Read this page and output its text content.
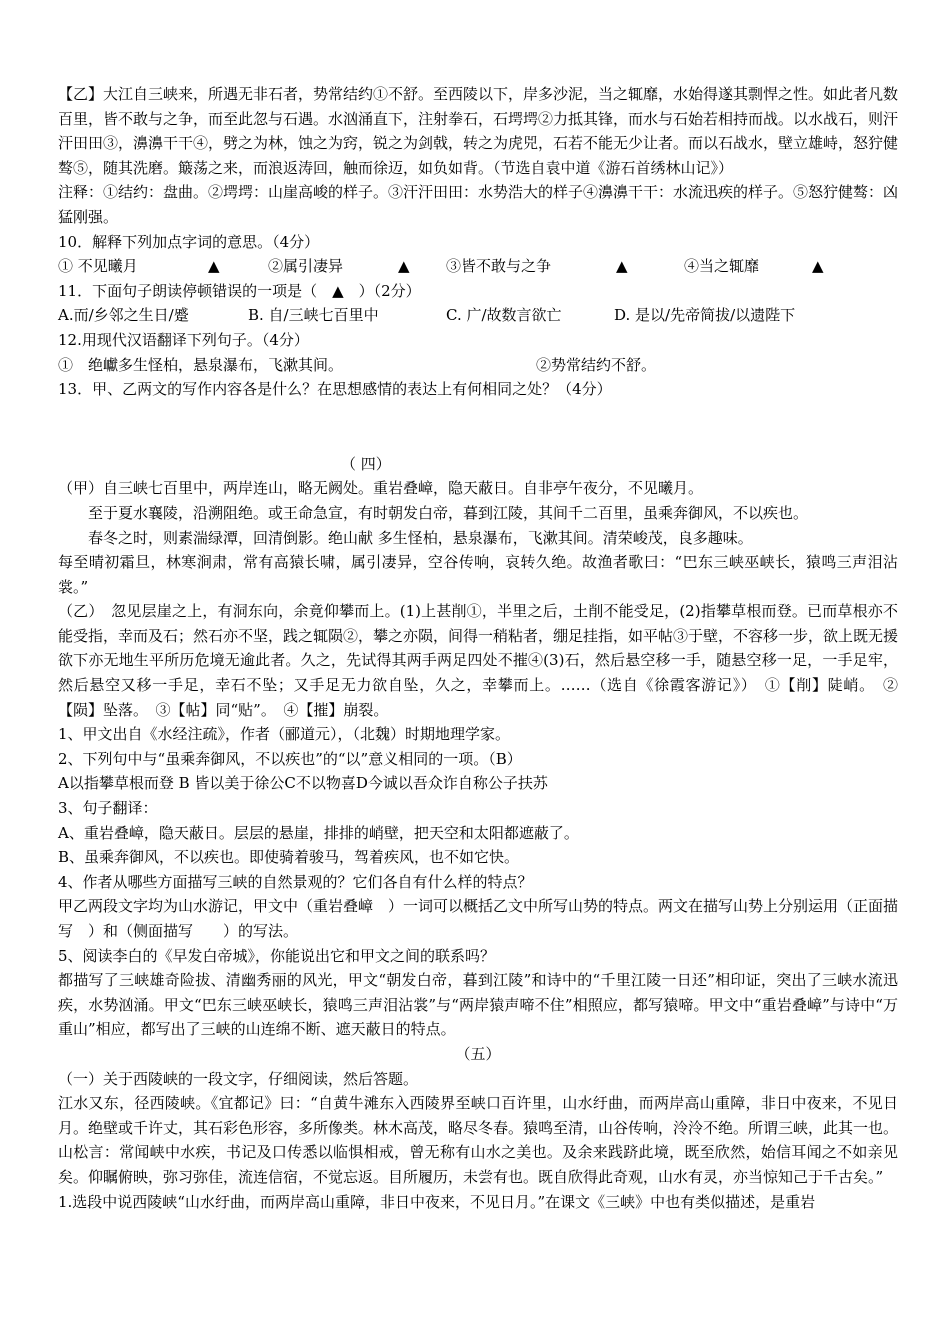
【乙】大江自三峡来，所遇无非石者，势常结约①不舒。至西陵以下，岸多沙泥，当之辄靡，水始得遂其剽悍之性。如此者凡数百里，皆不敢与之争，而至此忽与石遇。水汹涌直下，注射拳石，石堮堮②力抵其锋，而水与石始若相持而战。以水战石，则汗汗田田③，濞濞干干④，劈之为林，蚀之为窍，锐之为剑戟，转之为虎兕，石若不能无少让者。而以石战水，壁立雄峙，怒狞健骜⑤，随其洗磨。簸荡之来，而浪返涛回，触而徐迈，如负如背。（节选自袁中道《游石首绣林山记》）

注释：①结约：盘曲。②堮堮：山崖高峻的样子。③汗汗田田：水势浩大的样子④濞濞干干：水流迅疾的样子。⑤怒狞健骜：凶猛刚强。

10．解释下列加点字词的意思。（4分）

① 不见曦月	▲	②属引凄异	▲	③皆不敢与之争	▲	④当之辄靡	▲

11．下面句子朗读停顿错误的一项是（　▲　）（2分）

A.而/乡邻之生日/蹙	B. 自/三峡七百里中	C. 广/故数言欲亡	D. 是以/先帝简拔/以遗陛下

12.用现代汉语翻译下列句子。（4分）

①　绝巘多生怪柏，悬泉瀑布，飞漱其间。	②势常结约不舒。

13．甲、乙两文的写作内容各是什么？在思想感情的表达上有何相同之处？（4分）

（ 四）

（甲）自三峡七百里中，两岸连山，略无阙处。重岩叠嶂，隐天蔽日。自非亭午夜分，不见曦月。

至于夏水襄陵，沿溯阻绝。或王命急宣，有时朝发白帝，暮到江陵，其间千二百里，虽乘奔御风，不以疾也。

春冬之时，则素湍绿潭，回清倒影。绝山献 多生怪柏，悬泉瀑布，飞漱其间。清荣峻茂，良多趣味。

每至晴初霜旦，林寒涧肃，常有高猿长啸，属引凄异，空谷传响，哀转久绝。故渔者歌曰：“巴东三峡巫峡长，猿鸣三声泪沾裳。”

（乙）　忽见层崖之上，有洞东向，余竟仰攀而上。(1)上甚削①，半里之后，土削不能受足，(2)指攀草根而登。已而草根亦不能受指，幸而及石；然石亦不坚，践之辄陨②，攀之亦陨，间得一稍粘者，绷足挂指，如平帖③于壁，不容移一步，欲上既无援欲下亦无地生平所历危境无逾此者。久之，先试得其两手两足四处不摧④(3)石，然后悬空移一手，随悬空移一足，一手足牢，然后悬空又移一手足，幸石不坠；又手足无力欲自坠，久之，幸攀而上。……（选自《徐霞客游记》）　①【削】陡峭。　②【陨】坠落。　③【帖】同“贴”。　④【摧】崩裂。

1、甲文出自《水经注疏》，作者（郦道元），（北魏）时期地理学家。

2、下列句中与“虽乘奔御风，不以疾也”的“以”意义相同的一项。（B）

A以指攀草根而登 B 皆以美于徐公C不以物喜D今诚以吾众诈自称公子扶苏

3、句子翻译：

A、重岩叠嶂，隐天蔽日。层层的悬崖，排排的峭壁，把天空和太阳都遮蔽了。

B、虽乘奔御风，不以疾也。即使骑着骏马，驾着疾风，也不如它快。

4、作者从哪些方面描写三峡的自然景观的？它们各自有什么样的特点？

甲乙两段文字均为山水游记，甲文中（重岩叠嶂　）一词可以概括乙文中所写山势的特点。两文在描写山势上分别运用（正面描写　）和（侧面描写　　）的写法。

5、阅读李白的《早发白帝城》，你能说出它和甲文之间的联系吗？

都描写了三峡雄奇险拔、清幽秀丽的风光，甲文“朝发白帝，暮到江陵”和诗中的“千里江陵一日还”相印证，突出了三峡水流迅疾，水势汹涌。甲文“巴东三峡巫峡长，猿鸣三声泪沾裳”与“两岸猿声啼不住”相照应，都写猿啼。甲文中“重岩叠嶂”与诗中“万重山”相应，都写出了三峡的山连绵不断、遮天蔽日的特点。

（五）

（一）关于西陵峡的一段文字，仔细阅读，然后答题。

江水又东，径西陵峡。《宜都记》曰：“自黄牛滩东入西陵界至峡口百许里，山水纡曲，而两岸高山重障，非日中夜来，不见日月。绝壁或千许丈，其石彩色形容，多所像类。林木高茂，略尽冬春。猿鸣至清，山谷传响，泠泠不绝。所谓三峡，此其一也。山松言：常闻峡中水疾，书记及口传悉以临惧相戒，曾无称有山水之美也。及余来践跻此境，既至欣然，始信耳闻之不如亲见矣。仰瞩俯映，弥习弥佳，流连信宿，不觉忘返。目所履历，未尝有也。既自欣得此奇观，山水有灵，亦当惊知己于千古矣。”

1.选段中说西陵峡“山水纡曲，而两岸高山重障，非日中夜来，不见日月。”在课文《三峡》中也有类似描述，是重岩
